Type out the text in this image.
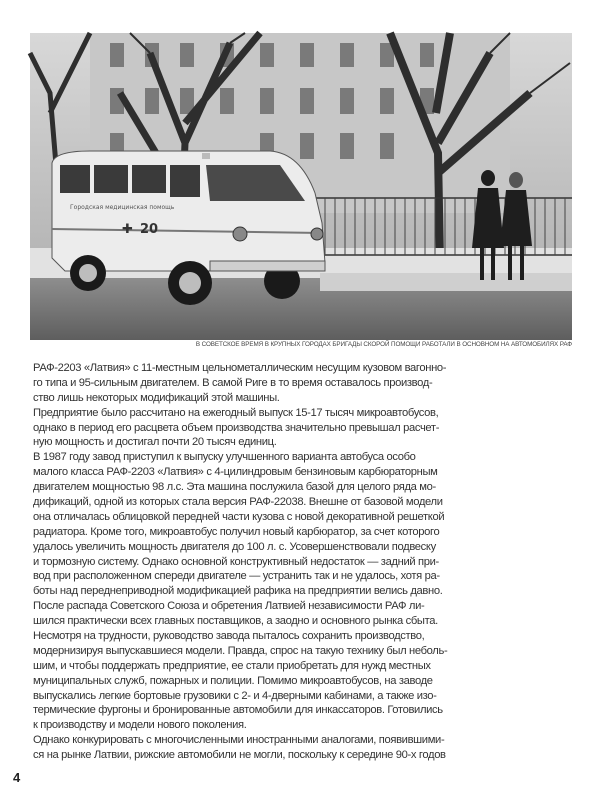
Городская медицинская помощь
✚ 20
В СОВЕТСКОЕ ВРЕМЯ В КРУПНЫХ ГОРОДАХ БРИГАДЫ СКОРОЙ ПОМОЩИ РАБОТАЛИ В ОСНОВНОМ НА АВТОМОБИЛЯХ РАФ
РАФ-2203 «Латвия» с 11-местным цельнометаллическим несущим кузовом вагонно-
го типа и 95-сильным двигателем. В самой Риге в то время оставалось производ-
ство лишь некоторых модификаций этой машины.
Предприятие было рассчитано на ежегодный выпуск 15-17 тысяч микроавтобусов,
однако в период его расцвета объем производства значительно превышал расчет-
ную мощность и достигал почти 20 тысяч единиц.
В 1987 году завод приступил к выпуску улучшенного варианта автобуса особо
малого класса РАФ-2203 «Латвия» с 4-цилиндровым бензиновым карбюраторным
двигателем мощностью 98 л.с. Эта машина послужила базой для целого ряда мо-
дификаций, одной из которых стала версия РАФ-22038. Внешне от базовой модели
она отличалась облицовкой передней части кузова с новой декоративной решеткой
радиатора. Кроме того, микроавтобус получил новый карбюратор, за счет которого
удалось увеличить мощность двигателя до 100 л. с. Усовершенствовали подвеску
и тормозную систему. Однако основной конструктивный недостаток — задний при-
вод при расположенном спереди двигателе — устранить так и не удалось, хотя ра-
боты над переднеприводной модификацией рафика на предприятии велись давно.
После распада Советского Союза и обретения Латвией независимости РАФ ли-
шился практически всех главных поставщиков, а заодно и основного рынка сбыта.
Несмотря на трудности, руководство завода пыталось сохранить производство,
модернизируя выпускавшиеся модели. Правда, спрос на такую технику был неболь-
шим, и чтобы поддержать предприятие, ее стали приобретать для нужд местных
муниципальных служб, пожарных и полиции. Помимо микроавтобусов, на заводе
выпускались легкие бортовые грузовики с 2- и 4-дверными кабинами, а также изо-
термические фургоны и бронированные автомобили для инкассаторов. Готовились
к производству и модели нового поколения.
Однако конкурировать с многочисленными иностранными аналогами, появившими-
ся на рынке Латвии, рижские автомобили не могли, поскольку к середине 90-х годов
4
